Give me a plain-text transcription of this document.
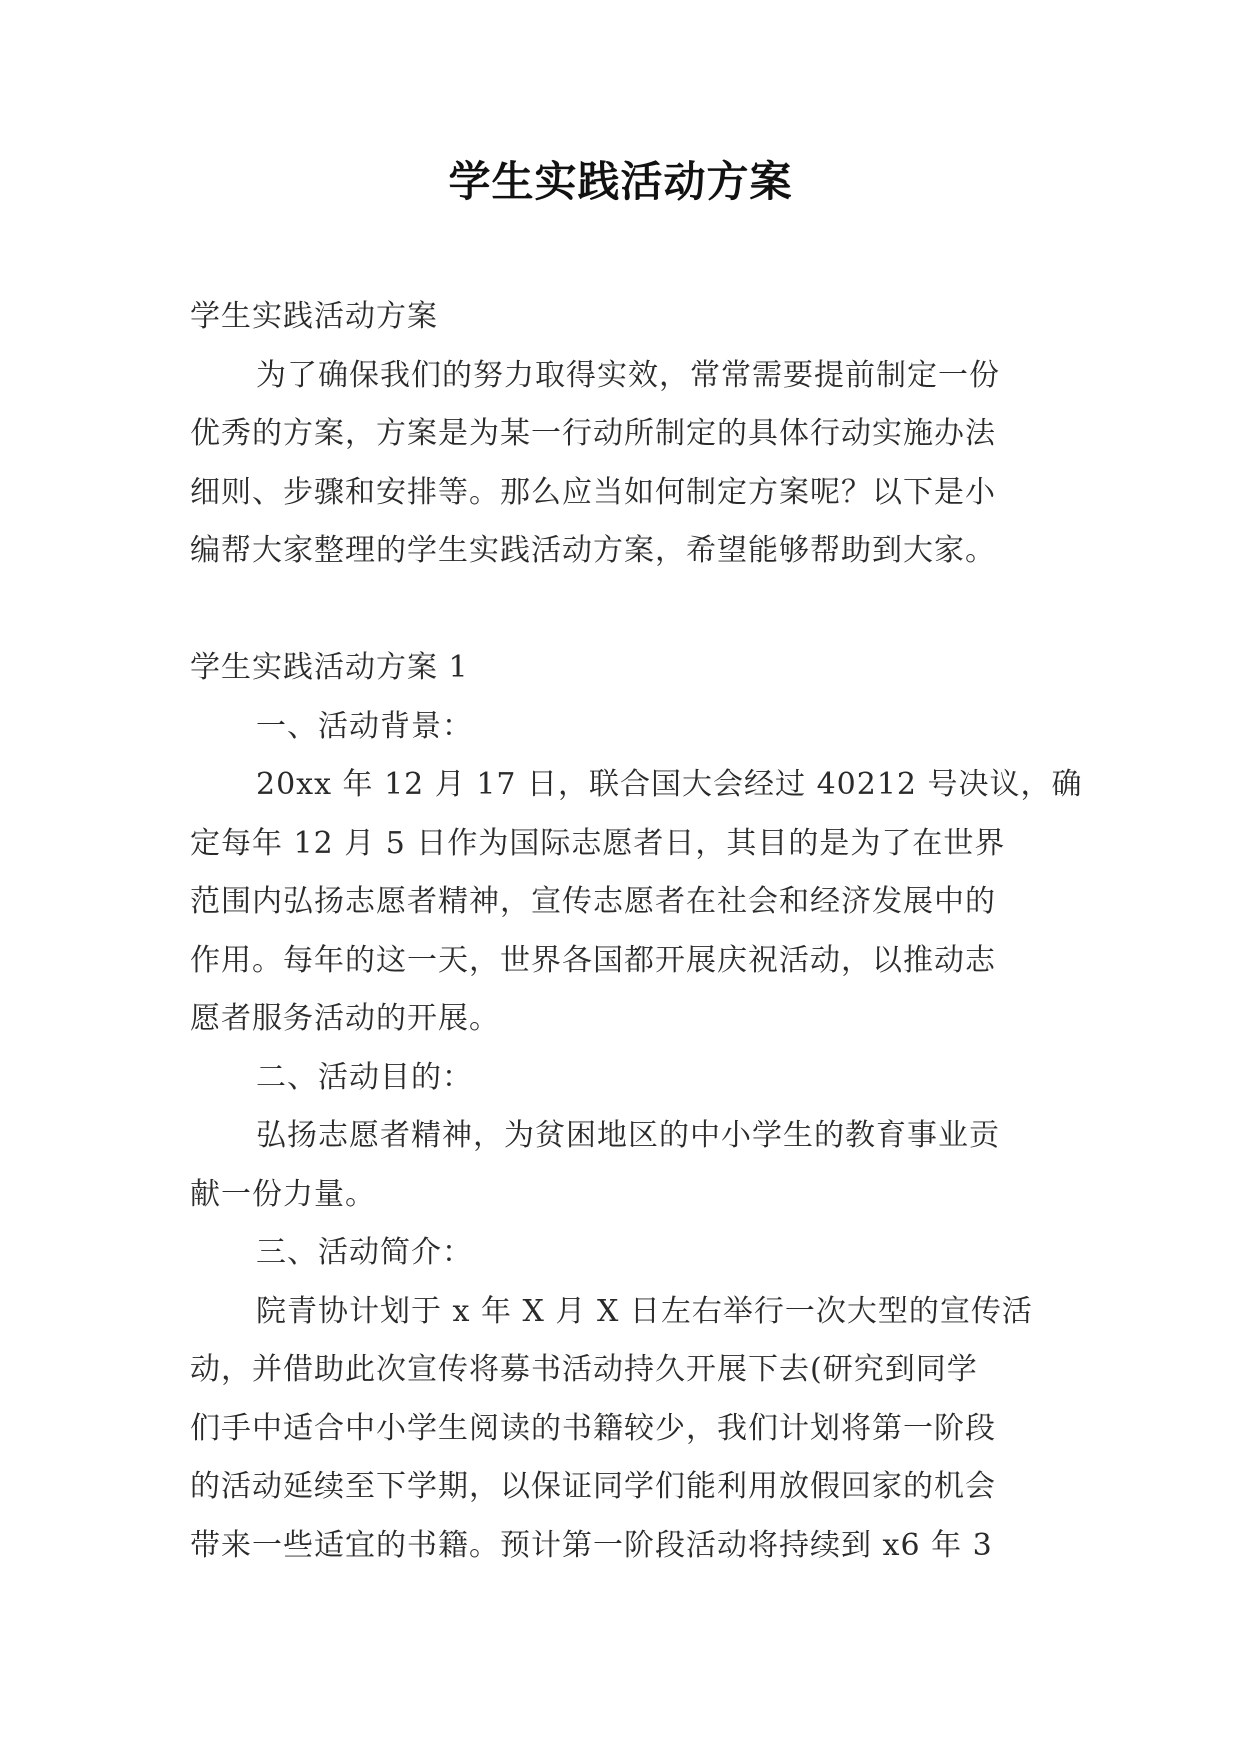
学生实践活动方案
学生实践活动方案
为了确保我们的努力取得实效，常常需要提前制定一份
优秀的方案，方案是为某一行动所制定的具体行动实施办法
细则、步骤和安排等。那么应当如何制定方案呢？以下是小
编帮大家整理的学生实践活动方案，希望能够帮助到大家。
学生实践活动方案 1
一、活动背景：
20xx 年 12 月 17 日，联合国大会经过 40212 号决议，确
定每年 12 月 5 日作为国际志愿者日，其目的是为了在世界
范围内弘扬志愿者精神，宣传志愿者在社会和经济发展中的
作用。每年的这一天，世界各国都开展庆祝活动，以推动志
愿者服务活动的开展。
二、活动目的：
弘扬志愿者精神，为贫困地区的中小学生的教育事业贡
献一份力量。
三、活动简介：
院青协计划于 x 年 X 月 X 日左右举行一次大型的宣传活
动，并借助此次宣传将募书活动持久开展下去(研究到同学
们手中适合中小学生阅读的书籍较少，我们计划将第一阶段
的活动延续至下学期，以保证同学们能利用放假回家的机会
带来一些适宜的书籍。预计第一阶段活动将持续到 x6 年 3
